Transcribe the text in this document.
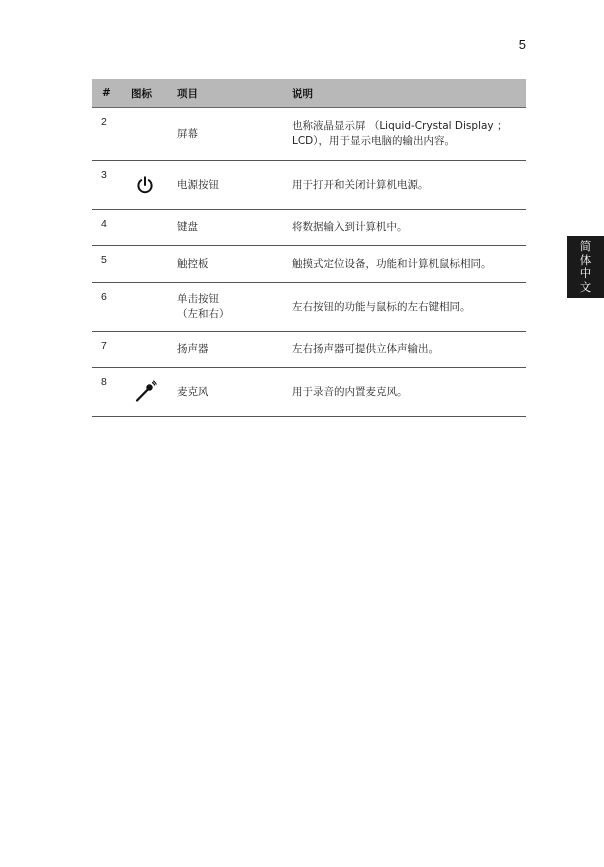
5
简体中文
#	图标	项目	说明
2		屏幕	也称液晶显示屏 （Liquid-Crystal Display ；LCD），用于显示电脑的输出内容。
3		电源按钮	用于打开和关闭计算机电源。
4		键盘	将数据输入到计算机中。
5		触控板	触摸式定位设备，功能和计算机鼠标相同。
6		单击按钮
（左和右）	左右按钮的功能与鼠标的左右键相同。
7		扬声器	左右扬声器可提供立体声输出。
8		麦克风	用于录音的内置麦克风。
